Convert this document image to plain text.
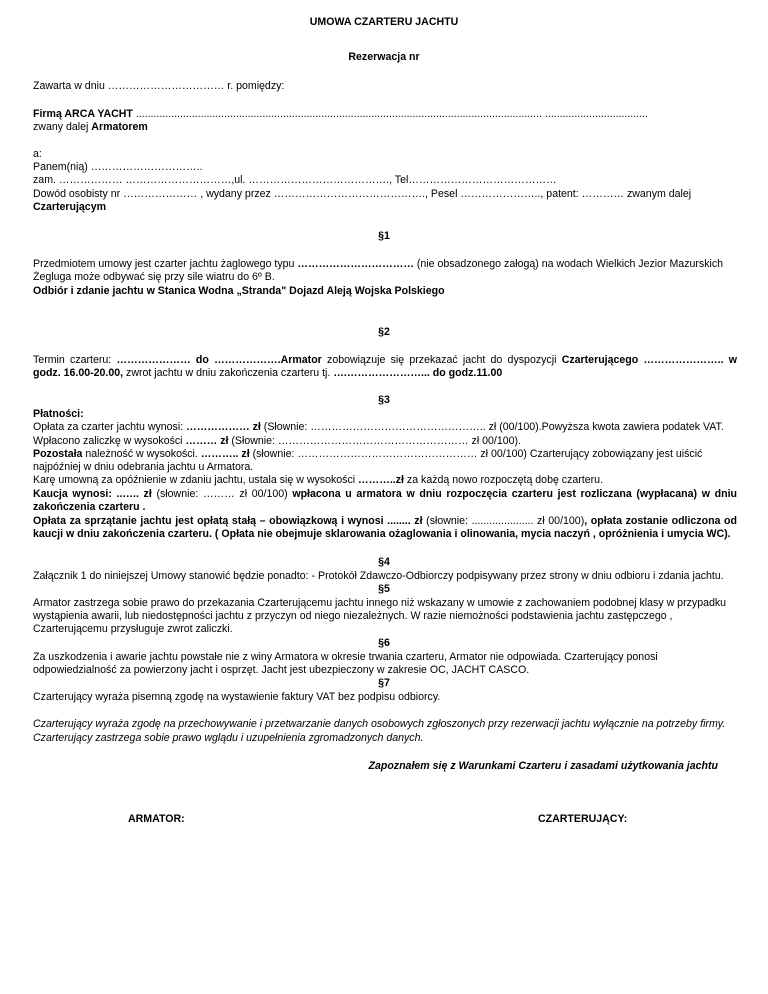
UMOWA CZARTERU JACHTU
Rezerwacja nr
Zawarta w dniu …………………………… r. pomiędzy:
Firmą ARCA YACHT .......................................................................................................................................... ...................................
zwany dalej Armatorem
a:
Panem(nią) …………………………..
zam. ……………… …………………………,ul. …………………………………., Tel……………………………………
Dowód osobisty nr ………………… , wydany przez ……………………………………., Pesel ………………….., patent: ………… zwanym dalej
Czarterującym
§1
Przedmiotem umowy jest czarter jachtu żaglowego typu …………………………… (nie obsadzonego załogą) na wodach Wielkich Jezior Mazurskich
Żegluga może odbywać się przy sile wiatru do 6º B.
Odbiór i zdanie jachtu w Stanica Wodna „Stranda" Dojazd Aleją Wojska Polskiego
§2
Termin czarteru: ………………… do ……………….Armator zobowiązuje się przekazać jacht do dyspozycji Czarterującego ………………….. w
godz. 16.00-20.00, zwrot jachtu w dniu zakończenia czarteru tj. ….…………………... do godz.11.00
§3
Płatności:
Opłata za czarter jachtu wynosi: ……………… zł (Słownie: ………………………………………….. zł (00/100).Powyższa kwota zawiera podatek VAT.
Wpłacono zaliczkę w wysokości ……… zł (Słownie: ……………………………………………… zł 00/100).
Pozostała należność w wysokości. ……….. zł (słownie: …………………………………………… zł 00/100) Czarterujący zobowiązany jest uiścić
najpóźniej w dniu odebrania jachtu u Armatora.
Karę umowną za opóźnienie w zdaniu jachtu, ustala się w wysokości ………..zł za każdą nowo rozpoczętą dobę czarteru.
Kaucja wynosi: ..….. zł (słownie: ……… zł 00/100) wpłacona u armatora w dniu rozpoczęcia czarteru jest rozliczana (wypłacana) w dniu
zakończenia czarteru .
Opłata za sprzątanie jachtu jest opłatą stałą – obowiązkową i wynosi ........ zł (słownie: ..................... zł 00/100), opłata zostanie odliczona od
kaucji w dniu zakończenia czarteru. ( Opłata nie obejmuje sklarowania ożaglowania i olinowania, mycia naczyń , opróżnienia i umycia WC).
§4
Załącznik 1 do niniejszej Umowy stanowić będzie ponadto: - Protokół Zdawczo-Odbiorczy podpisywany przez strony w dniu odbioru i zdania jachtu.
§5
Armator zastrzega sobie prawo do przekazania Czarterującemu jachtu innego niż wskazany w umowie z zachowaniem podobnej klasy w przypadku
wystąpienia awarii, lub niedostępności jachtu z przyczyn od niego niezależnych. W razie niemożności podstawienia jachtu zastępczego ,
Czarterującemu przysługuje zwrot zaliczki.
§6
Za uszkodzenia i awarie jachtu powstałe nie z winy Armatora w okresie trwania czarteru, Armator nie odpowiada. Czarterujący ponosi
odpowiedzialność za powierzony jacht i osprzęt. Jacht jest ubezpieczony w zakresie OC, JACHT CASCO.
§7
Czarterujący wyraża pisemną zgodę na wystawienie faktury VAT bez podpisu odbiorcy.
Czarterujący wyraża zgodę na przechowywanie i przetwarzanie danych osobowych zgłoszonych przy rezerwacji jachtu wyłącznie na potrzeby firmy.
Czarterujący zastrzega sobie prawo wglądu i uzupełnienia zgromadzonych danych.
Zapoznałem się z Warunkami Czarteru i zasadami użytkowania jachtu
ARMATOR:	CZARTERUJĄCY:
